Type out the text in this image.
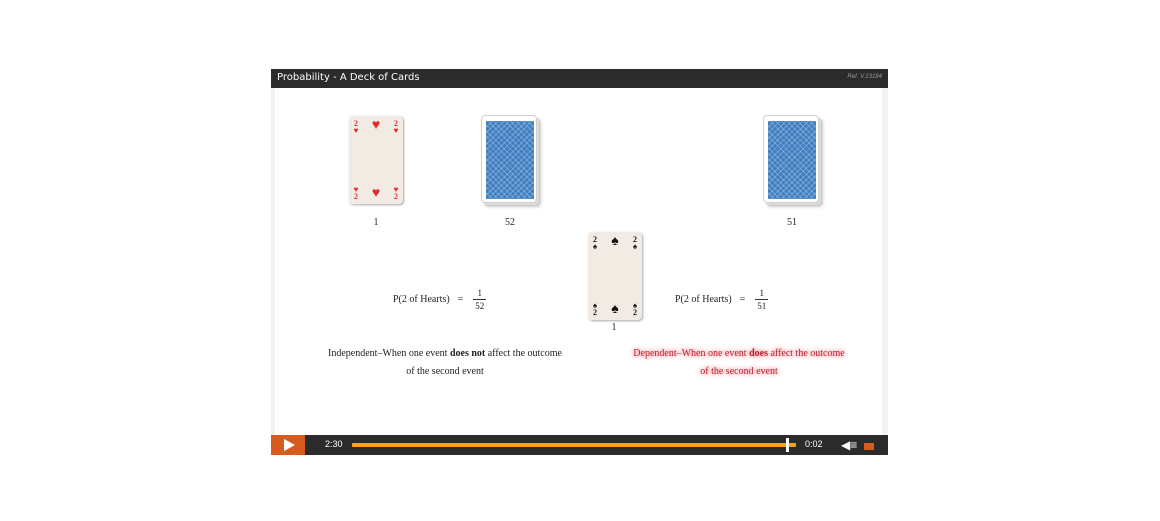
Probability - A Deck of Cards	Ref. V.13184
2
♥
2
♥
♥
♥
♥
2
♥
2
1	52	51
2
♠
2
♠
♠
♠
♠
2
♠
2
1
P(2 of Hearts) = $\frac{1}{52}$	P(2 of Hearts) = $\frac{1}{51}$
Independent–When one event does not affect the outcome
of the second event
Dependent–When one event does affect the outcome
of the second event
2:30	0:02 ◀≡
